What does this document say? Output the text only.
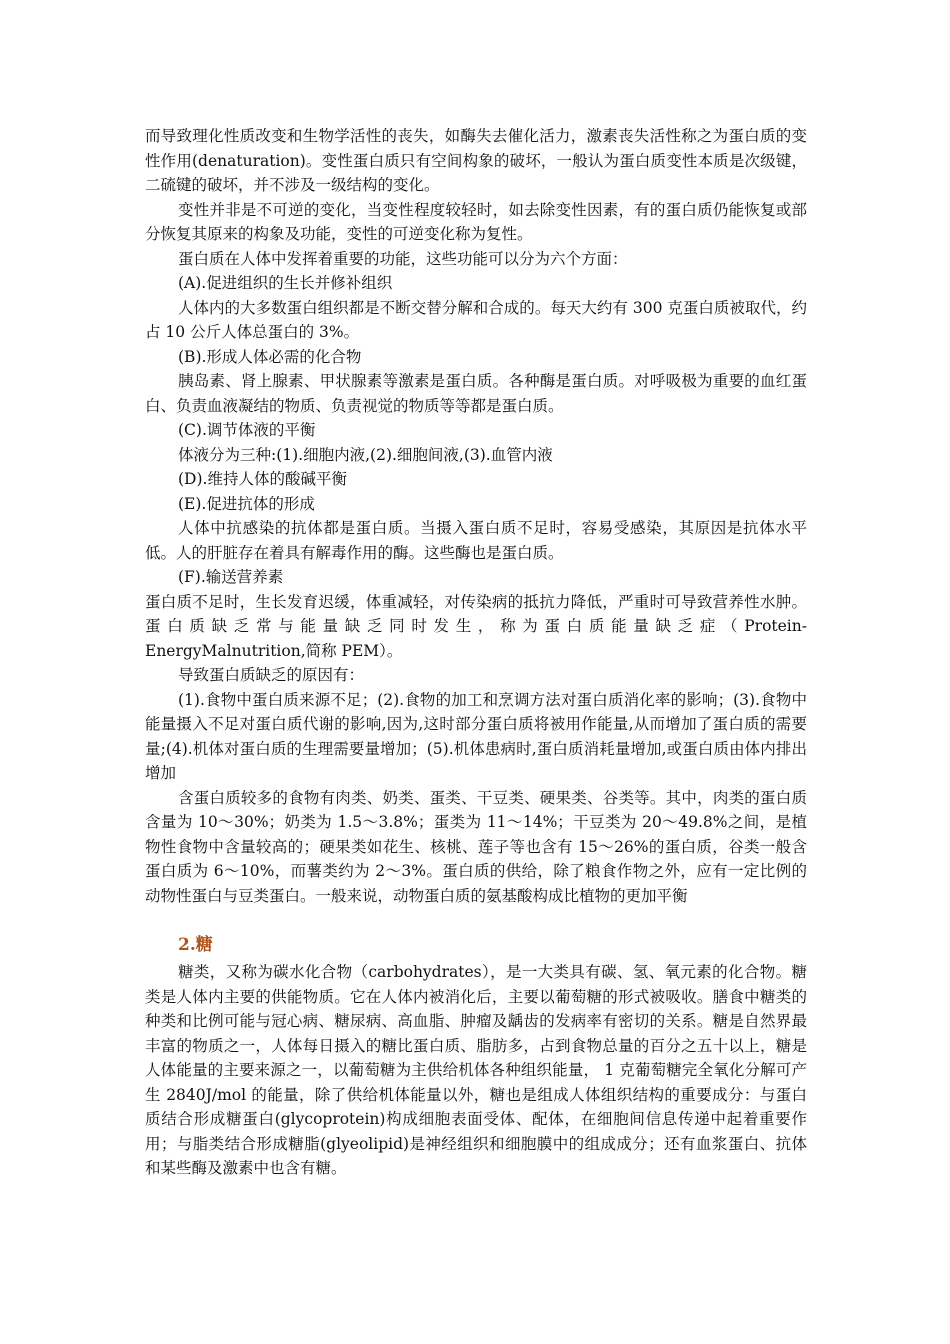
而导致理化性质改变和生物学活性的丧失，如酶失去催化活力，激素丧失活性称之为蛋白质的变性作用(denaturation)。变性蛋白质只有空间构象的破坏，一般认为蛋白质变性本质是次级键，二硫键的破坏，并不涉及一级结构的变化。

变性并非是不可逆的变化，当变性程度较轻时，如去除变性因素，有的蛋白质仍能恢复或部分恢复其原来的构象及功能，变性的可逆变化称为复性。

蛋白质在人体中发挥着重要的功能，这些功能可以分为六个方面：

(A).促进组织的生长并修补组织

人体内的大多数蛋白组织都是不断交替分解和合成的。每天大约有 300 克蛋白质被取代，约占 10 公斤人体总蛋白的 3%。

(B).形成人体必需的化合物

胰岛素、肾上腺素、甲状腺素等激素是蛋白质。各种酶是蛋白质。对呼吸极为重要的血红蛋白、负责血液凝结的物质、负责视觉的物质等等都是蛋白质。

(C).调节体液的平衡

体液分为三种:(1).细胞内液,(2).细胞间液,(3).血管内液

(D).维持人体的酸碱平衡

(E).促进抗体的形成

人体中抗感染的抗体都是蛋白质。当摄入蛋白质不足时，容易受感染，其原因是抗体水平低。人的肝脏存在着具有解毒作用的酶。这些酶也是蛋白质。

(F).输送营养素

蛋白质不足时，生长发育迟缓，体重减轻，对传染病的抵抗力降低，严重时可导致营养性水肿。蛋白质缺乏常与能量缺乏同时发生，称为蛋白质能量缺乏症（Protein-

EnergyMalnutrition,简称 PEM）。

导致蛋白质缺乏的原因有：

(1).食物中蛋白质来源不足；(2).食物的加工和烹调方法对蛋白质消化率的影响；(3).食物中能量摄入不足对蛋白质代谢的影响,因为,这时部分蛋白质将被用作能量,从而增加了蛋白质的需要量;(4).机体对蛋白质的生理需要量增加；(5).机体患病时,蛋白质消耗量增加,或蛋白质由体内排出增加

含蛋白质较多的食物有肉类、奶类、蛋类、干豆类、硬果类、谷类等。其中，肉类的蛋白质含量为 10～30%；奶类为 1.5～3.8%；蛋类为 11～14%；干豆类为 20～49.8%之间，是植物性食物中含量较高的；硬果类如花生、核桃、莲子等也含有 15～26%的蛋白质，谷类一般含蛋白质为 6～10%，而薯类约为 2～3%。蛋白质的供给，除了粮食作物之外，应有一定比例的动物性蛋白与豆类蛋白。一般来说，动物蛋白质的氨基酸构成比植物的更加平衡

2.糖

糖类，又称为碳水化合物（carbohydrates），是一大类具有碳、氢、氧元素的化合物。糖类是人体内主要的供能物质。它在人体内被消化后，主要以葡萄糖的形式被吸收。膳食中糖类的种类和比例可能与冠心病、糖尿病、高血脂、肿瘤及龋齿的发病率有密切的关系。糖是自然界最丰富的物质之一，人体每日摄入的糖比蛋白质、脂肪多，占到食物总量的百分之五十以上，糖是人体能量的主要来源之一，以葡萄糖为主供给机体各种组织能量， 1 克葡萄糖完全氧化分解可产生 2840J/mol 的能量，除了供给机体能量以外，糖也是组成人体组织结构的重要成分：与蛋白质结合形成糖蛋白(glycoprotein)构成细胞表面受体、配体，在细胞间信息传递中起着重要作用；与脂类结合形成糖脂(glyeolipid)是神经组织和细胞膜中的组成成分；还有血浆蛋白、抗体和某些酶及激素中也含有糖。
